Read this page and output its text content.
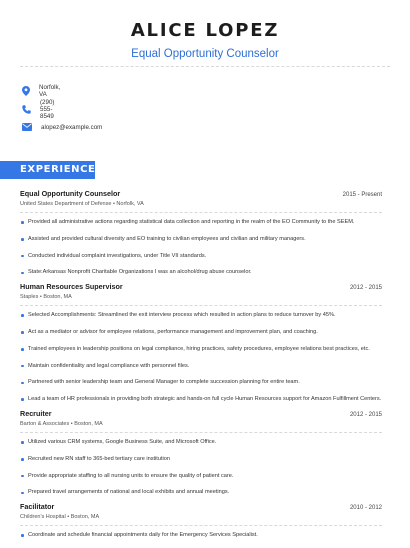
ALICE LOPEZ
Equal Opportunity Counselor
Norfolk, VA
(290) 555-8549
alopez@example.com
EXPERIENCE
Equal Opportunity Counselor	2015 - Present
United States Department of Defense • Norfolk, VA
Provided all administrative actions regarding statistical data collection and reporting in the realm of the EO Community to the SEEM.
Assisted and provided cultural diversity and EO training to civilian employees and civilian and military managers.
Conducted individual complaint investigations, under Title VII standards.
State:Arkansas Nonprofit Charitable Organizations I was an alcohol/drug abuse counselor.
Human Resources Supervisor	2012 - 2015
Staples • Boston, MA
Selected Accomplishments: Streamlined the exit interview process which resulted in action plans to reduce turnover by 45%.
Act as a mediator or advisor for employee relations, performance management and improvement plan, and coaching.
Trained employees in leadership positions on legal compliance, hiring practices, safety procedures, employee relations best practices, etc.
Maintain confidentiality and legal compliance with personnel files.
Partnered with senior leadership team and General Manager to complete succession planning for entire team.
Lead a team of HR professionals in providing both strategic and hands-on full cycle Human Resources support for Amazon Fulfillment Centers.
Recruiter	2012 - 2015
Barton & Associates • Boston, MA
Utilized various CRM systems, Google Business Suite, and Microsoft Office.
Recruited new RN staff to 365-bed tertiary care institution
Provide appropriate staffing to all nursing units to ensure the quality of patient care.
Prepared travel arrangements of national and local exhibits and annual meetings.
Facilitator	2010 - 2012
Children's Hospital • Boston, MA
Coordinate and schedule financial appointments daily for the Emergency Services Specialist.
